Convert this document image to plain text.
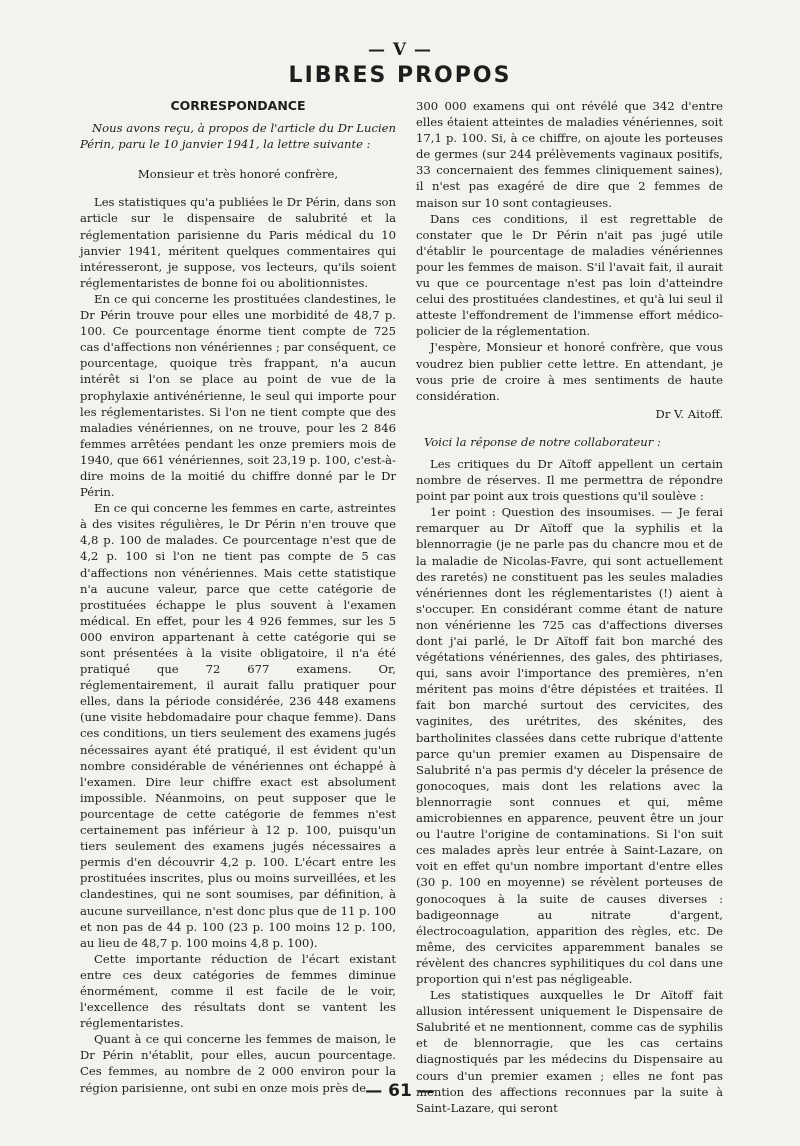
— V —
LIBRES PROPOS
CORRESPONDANCE
Nous avons reçu, à propos de l'article du Dr Lucien Périn, paru le 10 janvier 1941, la lettre suivante :
Monsieur et très honoré confrère,

Les statistiques qu'a publiées le Dr Périn, dans son article sur le dispensaire de salubrité et la réglementation parisienne du Paris médical du 10 janvier 1941, méritent quelques commentaires qui intéresseront, je suppose, vos lecteurs, qu'ils soient réglementaristes de bonne foi ou abolitionnistes.

En ce qui concerne les prostituées clandestines, le Dr Périn trouve pour elles une morbidité de 48,7 p. 100. Ce pourcentage énorme tient compte de 725 cas d'affections non vénériennes ; par conséquent, ce pourcentage, quoique très frappant, n'a aucun intérêt si l'on se place au point de vue de la prophylaxie antivénérienne, le seul qui importe pour les réglementaristes. Si l'on ne tient compte que des maladies vénériennes, on ne trouve, pour les 2 846 femmes arrêtées pendant les onze premiers mois de 1940, que 661 vénériennes, soit 23,19 p. 100, c'est-à-dire moins de la moitié du chiffre donné par le Dr Périn.

En ce qui concerne les femmes en carte, astreintes à des visites régulières, le Dr Périn n'en trouve que 4,8 p. 100 de malades. Ce pourcentage n'est que de 4,2 p. 100 si l'on ne tient pas compte de 5 cas d'affections non vénériennes. Mais cette statistique n'a aucune valeur, parce que cette catégorie de prostituées échappe le plus souvent à l'examen médical. En effet, pour les 4 926 femmes, sur les 5 000 environ appartenant à cette catégorie qui se sont présentées à la visite obligatoire, il n'a été pratiqué que 72 677 examens. Or, réglementairement, il aurait fallu pratiquer pour elles, dans la période considérée, 236 448 examens (une visite hebdomadaire pour chaque femme). Dans ces conditions, un tiers seulement des examens jugés nécessaires ayant été pratiqué, il est évident qu'un nombre considérable de vénériennes ont échappé à l'examen. Dire leur chiffre exact est absolument impossible. Néanmoins, on peut supposer que le pourcentage de cette catégorie de femmes n'est certainement pas inférieur à 12 p. 100, puisqu'un tiers seulement des examens jugés nécessaires a permis d'en découvrir 4,2 p. 100. L'écart entre les prostituées inscrites, plus ou moins surveillées, et les clandestines, qui ne sont soumises, par définition, à aucune surveillance, n'est donc plus que de 11 p. 100 et non pas de 44 p. 100 (23 p. 100 moins 12 p. 100, au lieu de 48,7 p. 100 moins 4,8 p. 100).

Cette importante réduction de l'écart existant entre ces deux catégories de femmes diminue énormément, comme il est facile de le voir, l'excellence des résultats dont se vantent les réglementaristes.

Quant à ce qui concerne les femmes de maison, le Dr Périn n'établit, pour elles, aucun pourcentage. Ces femmes, au nombre de 2 000 environ pour la région parisienne, ont subi en onze mois près de

300 000 examens qui ont révélé que 342 d'entre elles étaient atteintes de maladies vénériennes, soit 17,1 p. 100. Si, à ce chiffre, on ajoute les porteuses de germes (sur 244 prélèvements vaginaux positifs, 33 concernaient des femmes cliniquement saines), il n'est pas exagéré de dire que 2 femmes de maison sur 10 sont contagieuses.

Dans ces conditions, il est regrettable de constater que le Dr Périn n'ait pas jugé utile d'établir le pourcentage de maladies vénériennes pour les femmes de maison. S'il l'avait fait, il aurait vu que ce pourcentage n'est pas loin d'atteindre celui des prostituées clandestines, et qu'à lui seul il atteste l'effondrement de l'immense effort médico-policier de la réglementation.

J'espère, Monsieur et honoré confrère, que vous voudrez bien publier cette lettre. En attendant, je vous prie de croire à mes sentiments de haute considération.

Dr V. Aitoff.
Voici la réponse de notre collaborateur :

Les critiques du Dr Aïtoff appellent un certain nombre de réserves. Il me permettra de répondre point par point aux trois questions qu'il soulève :

1er point : Question des insoumises. — Je ferai remarquer au Dr Aïtoff que la syphilis et la blennorragie (je ne parle pas du chancre mou et de la maladie de Nicolas-Favre, qui sont actuellement des raretés) ne constituent pas les seules maladies vénériennes dont les réglementaristes (!) aient à s'occuper. En considérant comme étant de nature non vénérienne les 725 cas d'affections diverses dont j'ai parlé, le Dr Aïtoff fait bon marché des végétations vénériennes, des gales, des phtiriases, qui, sans avoir l'importance des premières, n'en méritent pas moins d'être dépistées et traitées. Il fait bon marché surtout des cervicites, des vaginites, des urétrites, des skénites, des bartholinites classées dans cette rubrique d'attente parce qu'un premier examen au Dispensaire de Salubrité n'a pas permis d'y déceler la présence de gonocoques, mais dont les relations avec la blennorragie sont connues et qui, même amicrobiennes en apparence, peuvent être un jour ou l'autre l'origine de contaminations. Si l'on suit ces malades après leur entrée à Saint-Lazare, on voit en effet qu'un nombre important d'entre elles (30 p. 100 en moyenne) se révèlent porteuses de gonocoques à la suite de causes diverses : badigeonnage au nitrate d'argent, électrocoagulation, apparition des règles, etc. De même, des cervicites apparemment banales se révèlent des chancres syphilitiques du col dans une proportion qui n'est pas négligeable.

Les statistiques auxquelles le Dr Aïtoff fait allusion intéressent uniquement le Dispensaire de Salubrité et ne mentionnent, comme cas de syphilis et de blennorragie, que les cas certains diagnostiqués par les médecins du Dispensaire au cours d'un premier examen ; elles ne font pas mention des affections reconnues par la suite à Saint-Lazare, qui seront

— 61 —
